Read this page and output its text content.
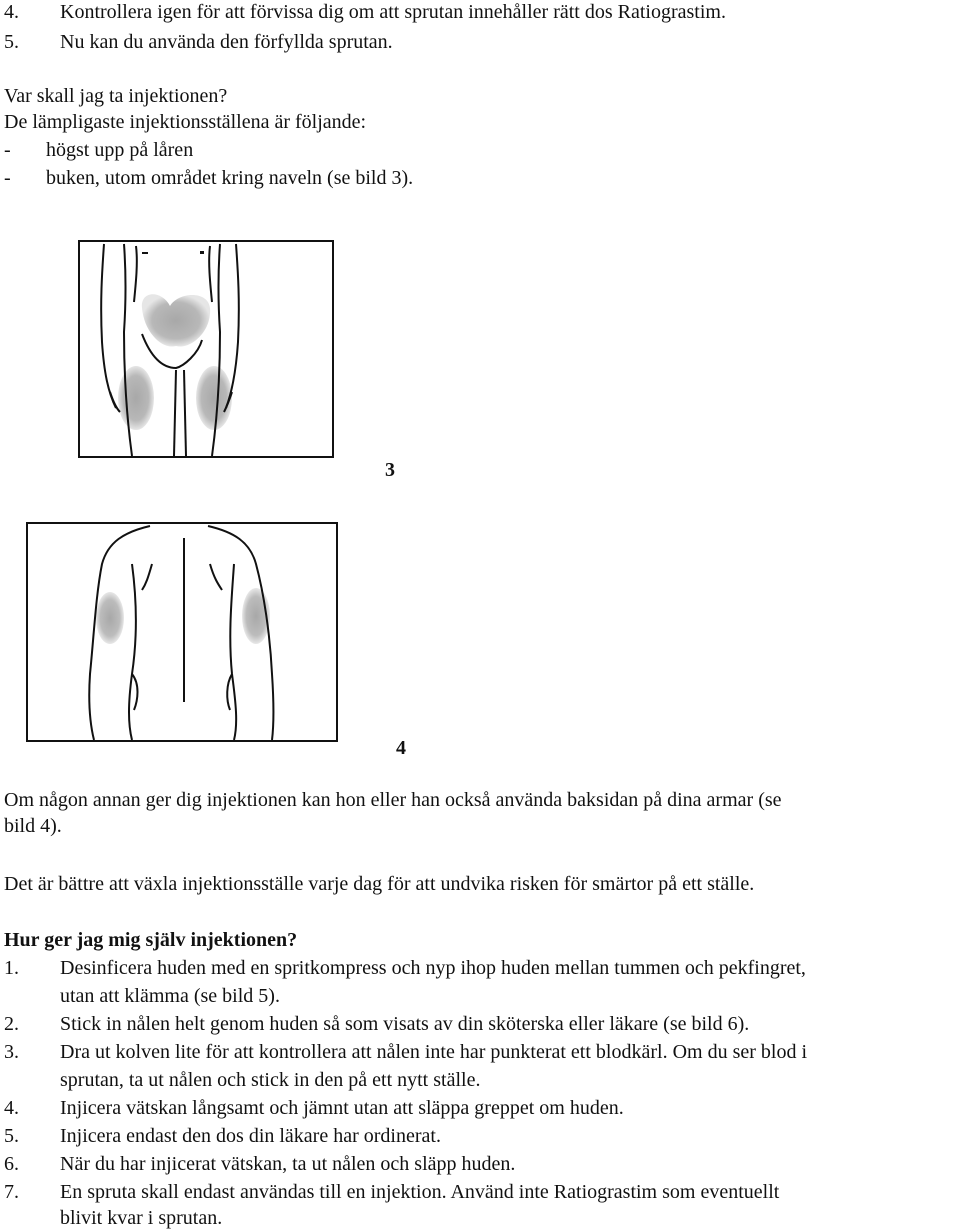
4. Kontrollera igen för att förvissa dig om att sprutan innehåller rätt dos Ratiograstim.
5. Nu kan du använda den förfyllda sprutan.
Var skall jag ta injektionen?
De lämpligaste injektionsställena är följande:
- högst upp på låren
- buken, utom området kring naveln (se bild 3).
3
4
Om någon annan ger dig injektionen kan hon eller han också använda baksidan på dina armar (se
bild 4).
Det är bättre att växla injektionsställe varje dag för att undvika risken för smärtor på ett ställe.
Hur ger jag mig själv injektionen?
1. Desinficera huden med en spritkompress och nyp ihop huden mellan tummen och pekfingret,
utan att klämma (se bild 5).
2. Stick in nålen helt genom huden så som visats av din sköterska eller läkare (se bild 6).
3. Dra ut kolven lite för att kontrollera att nålen inte har punkterat ett blodkärl. Om du ser blod i
sprutan, ta ut nålen och stick in den på ett nytt ställe.
4. Injicera vätskan långsamt och jämnt utan att släppa greppet om huden.
5. Injicera endast den dos din läkare har ordinerat.
6. När du har injicerat vätskan, ta ut nålen och släpp huden.
7. En spruta skall endast användas till en injektion. Använd inte Ratiograstim som eventuellt
blivit kvar i sprutan.
